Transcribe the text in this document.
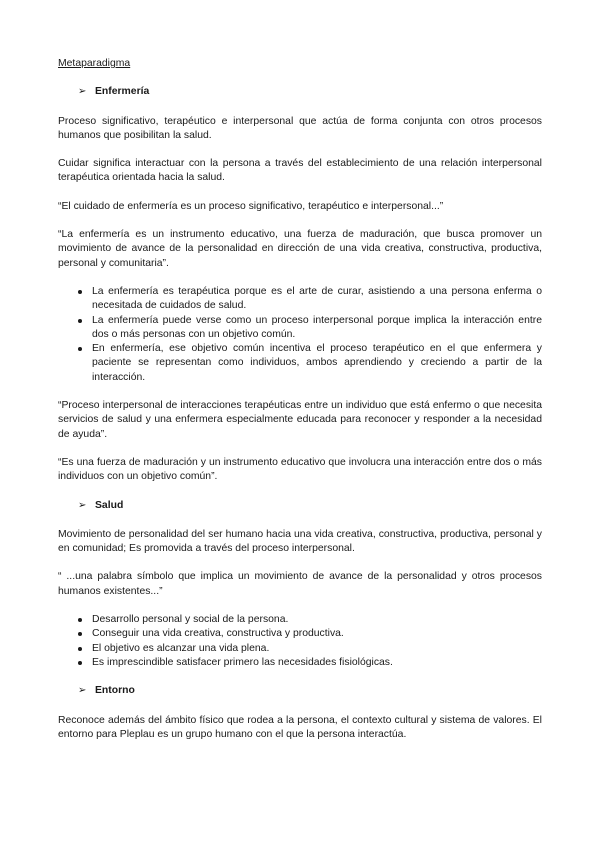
Metaparadigma
➢ Enfermería

Proceso significativo, terapéutico e interpersonal que actúa de forma conjunta con otros procesos humanos que posibilitan la salud.

Cuidar significa interactuar con la persona a través del establecimiento de una relación interpersonal terapéutica orientada hacia la salud.

“El cuidado de enfermería es un proceso significativo, terapéutico e interpersonal...”

“La enfermería es un instrumento educativo, una fuerza de maduración, que busca promover un movimiento de avance de la personalidad en dirección de una vida creativa, constructiva, productiva, personal y comunitaria”.

La enfermería es terapéutica porque es el arte de curar, asistiendo a una persona enferma o necesitada de cuidados de salud.
La enfermería puede verse como un proceso interpersonal porque implica la interacción entre dos o más personas con un objetivo común.
En enfermería, ese objetivo común incentiva el proceso terapéutico en el que enfermera y paciente se representan como individuos, ambos aprendiendo y creciendo a partir de la interacción.

“Proceso interpersonal de interacciones terapéuticas entre un individuo que está enfermo o que necesita servicios de salud y una enfermera especialmente educada para reconocer y responder a la necesidad de ayuda”.

“Es una fuerza de maduración y un instrumento educativo que involucra una interacción entre dos o más individuos con un objetivo común”.

➢ Salud

Movimiento de personalidad del ser humano hacia una vida creativa, constructiva, productiva, personal y en comunidad; Es promovida a través del proceso interpersonal.

“ ...una palabra símbolo que implica un movimiento de avance de la personalidad y otros procesos humanos existentes...”

Desarrollo personal y social de la persona.
Conseguir una vida creativa, constructiva y productiva.
El objetivo es alcanzar una vida plena.
Es imprescindible satisfacer primero las necesidades fisiológicas.
➢ Entorno

Reconoce además del ámbito físico que rodea a la persona, el contexto cultural y sistema de valores. El entorno para Pleplau es un grupo humano con el que la persona interactúa.
